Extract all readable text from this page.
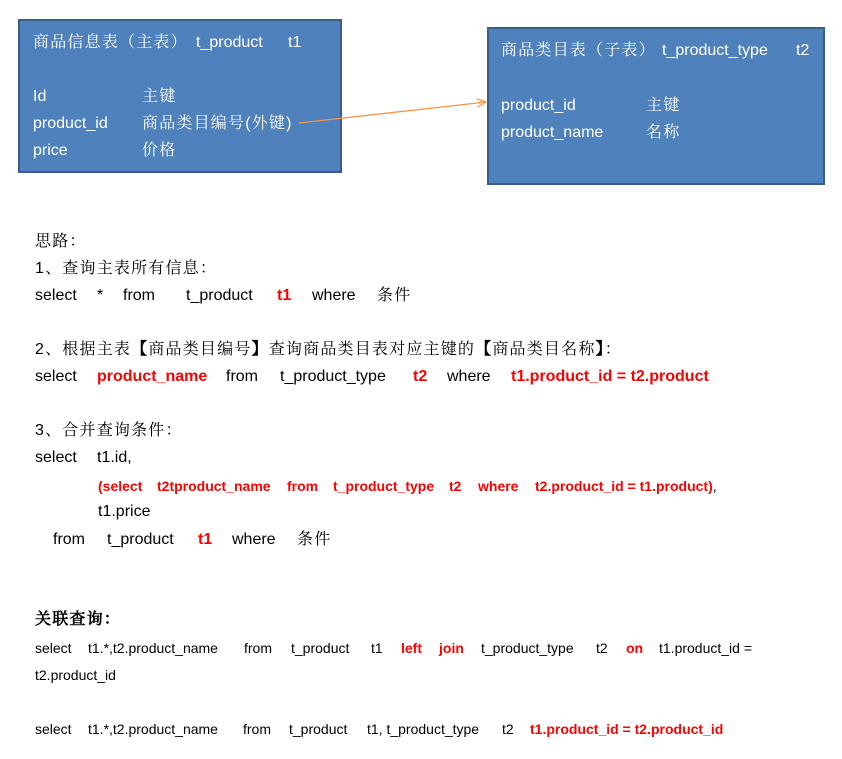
商品信息表（主表） t_product t1
Id	主键
product_id 商品类目编号(外键)
price	价格
商品类目表（子表） t_product_type t2
product_id	主键
product_name	名称
思路：
1、查询主表所有信息：
select * from t_product t1 where 条件
2、根据主表【商品类目编号】查询商品类目表对应主键的【商品类目名称】：
select product_name from t_product_type t2 where t1.product_id = t2.product
3、合并查询条件：
select t1.id,
(select t2tproduct_name from t_product_type t2 where t2.product_id = t1.product),
t1.price
from t_product t1 where 条件
关联查询：
select t1.*,t2.product_name from t_product t1 left join t_product_type t2 on t1.product_id =
t2.product_id
select t1.*,t2.product_name from t_product t1, t_product_type t2 t1.product_id = t2.product_id
